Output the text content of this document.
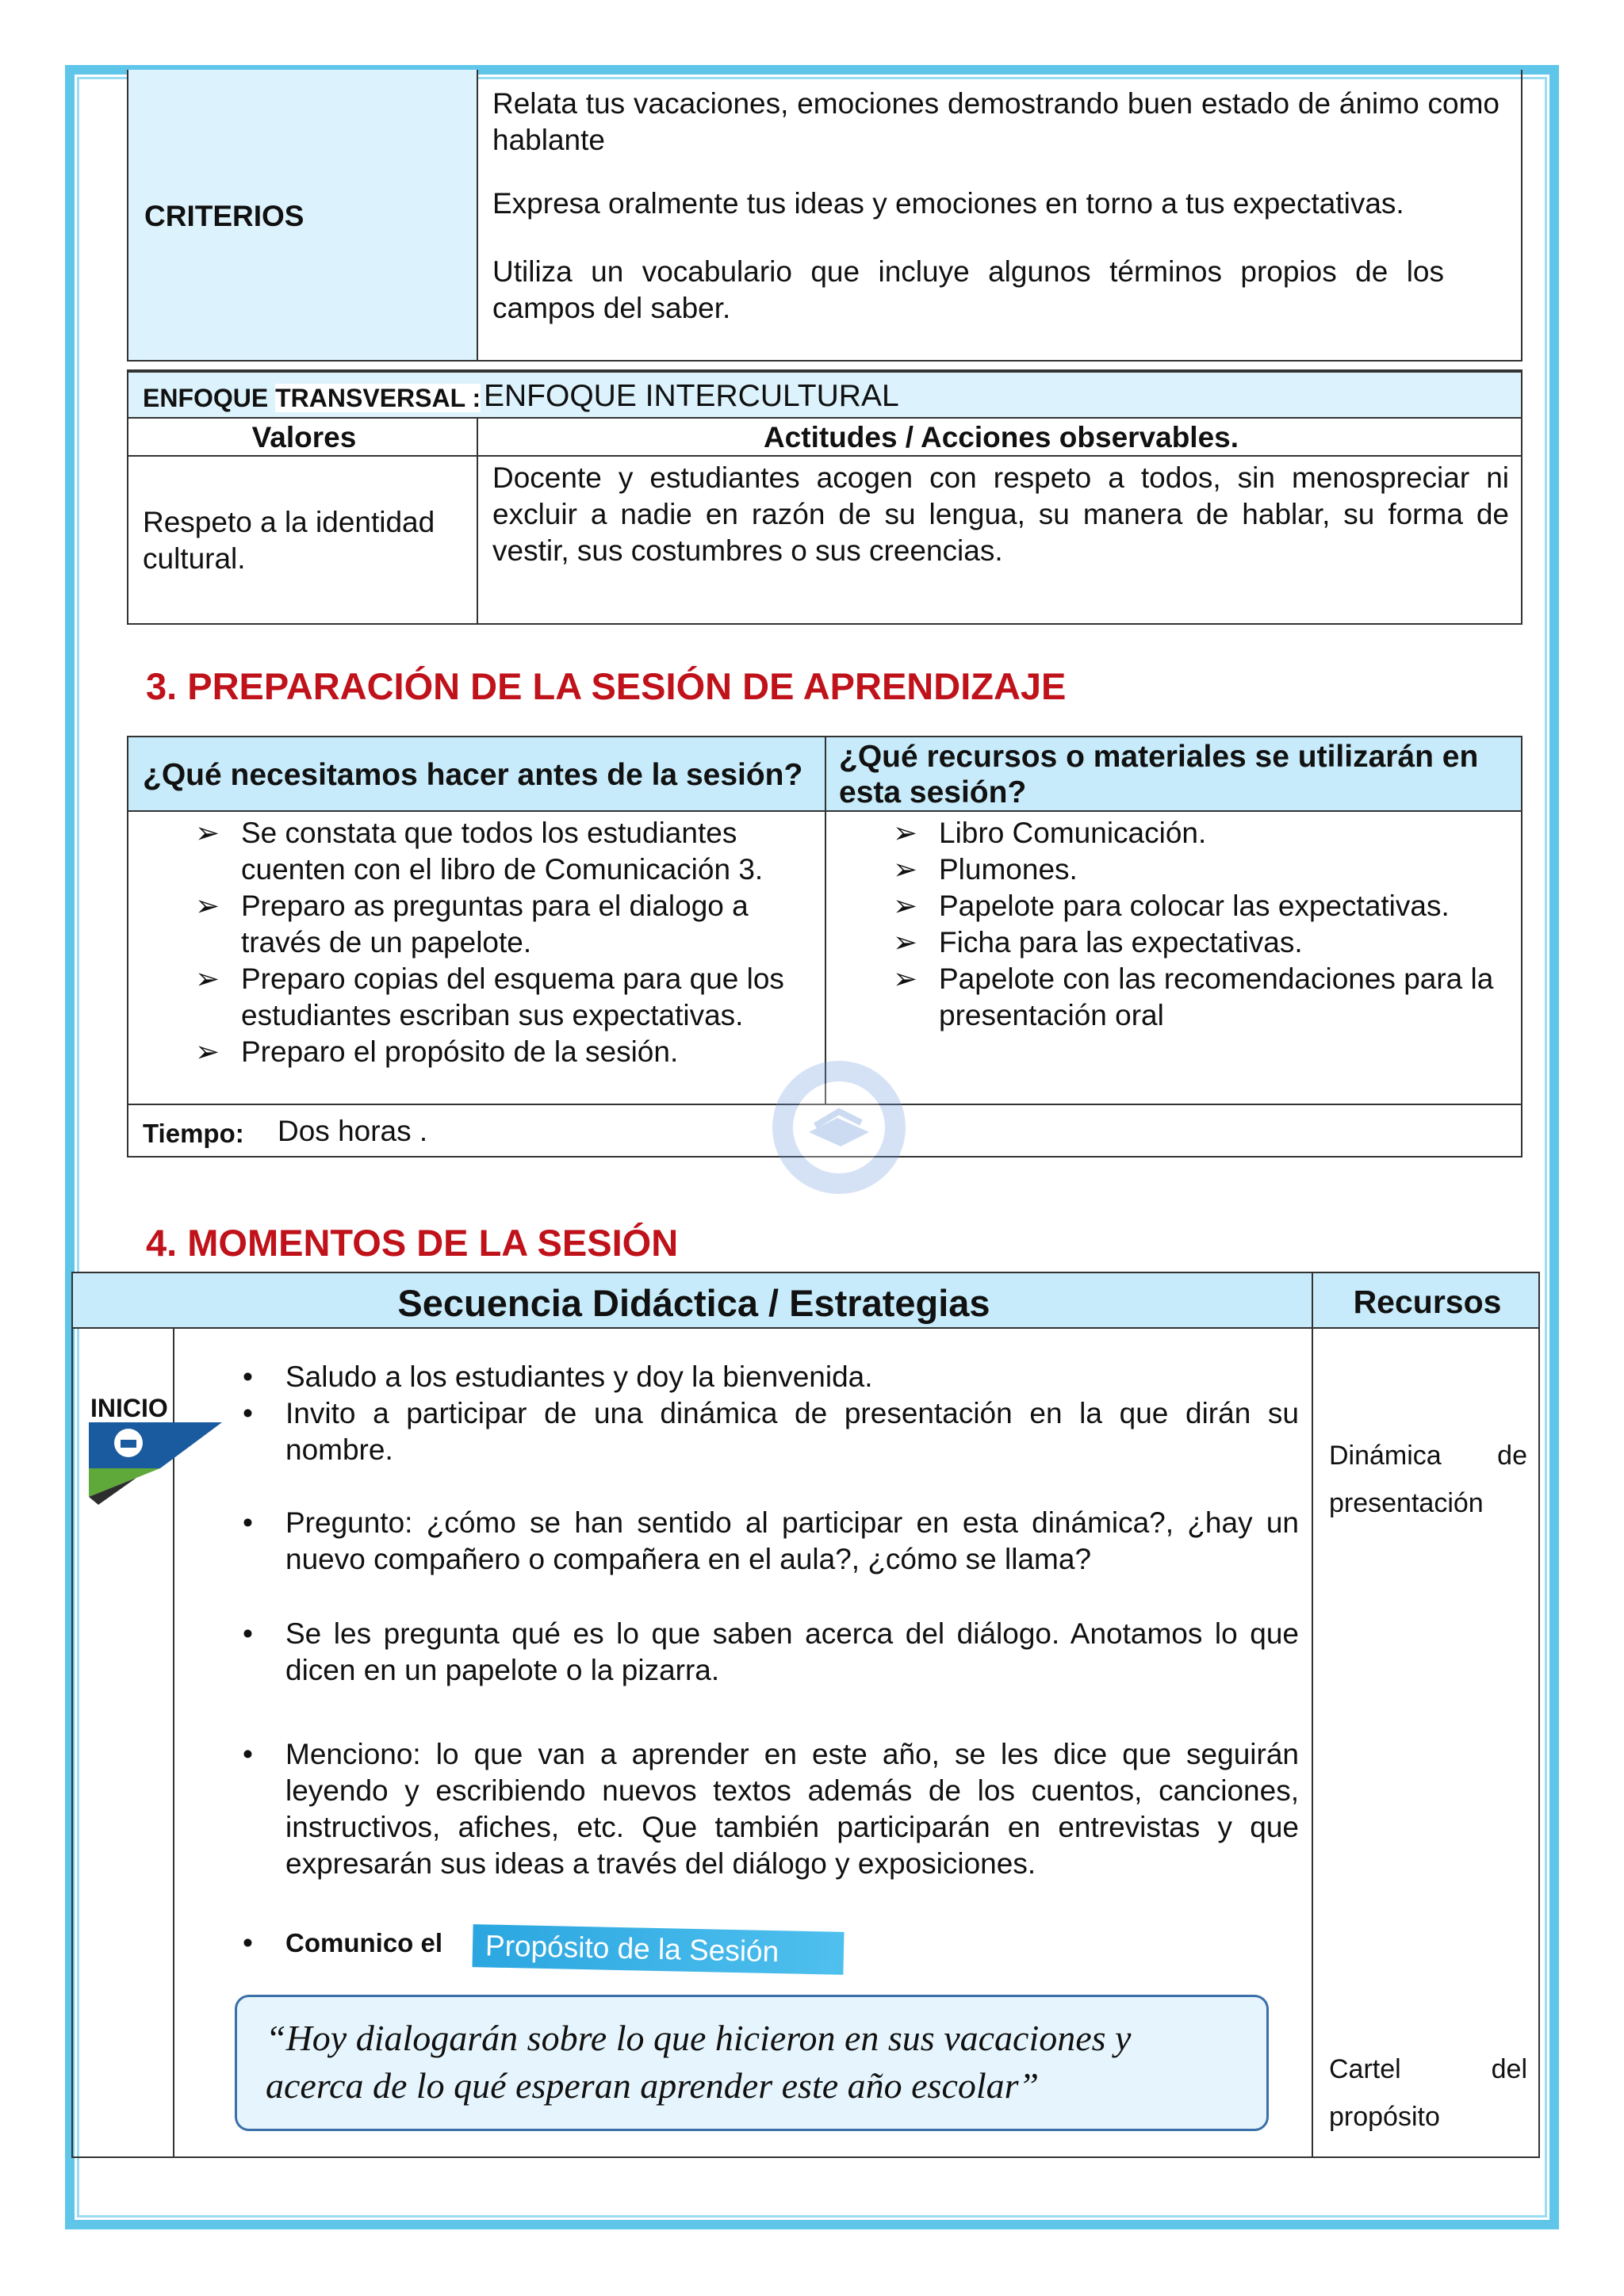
CRITERIOS
Relata tus vacaciones, emociones demostrando buen estado de ánimo como hablante
Expresa oralmente tus ideas y emociones en torno a tus expectativas.
Utiliza un vocabulario que incluye algunos términos propios de los campos del saber.
ENFOQUE TRANSVERSAL : ENFOQUE INTERCULTURAL
Valores	Actitudes / Acciones observables.
Respeto a la identidad cultural.
Docente y estudiantes acogen con respeto a todos, sin menospreciar ni excluir a nadie en razón de su lengua, su manera de hablar, su forma de vestir, sus costumbres o sus creencias.
3. PREPARACIÓN DE LA SESIÓN DE APRENDIZAJE
¿Qué necesitamos hacer antes de la sesión?
¿Qué recursos o materiales se utilizarán en esta sesión?
➢ Se constata que todos los estudiantes cuenten con el libro de Comunicación 3.
➢ Preparo as preguntas para el dialogo a través de un papelote.
➢ Preparo copias del esquema para que los estudiantes escriban sus expectativas.
➢ Preparo el propósito de la sesión.
➢ Libro Comunicación.
➢ Plumones.
➢ Papelote para colocar las expectativas.
➢ Ficha para las expectativas.
➢ Papelote con las recomendaciones para la presentación oral
Tiempo: Dos horas .
4. MOMENTOS DE LA SESIÓN
Secuencia Didáctica / Estrategias	Recursos
INICIO
• Saludo a los estudiantes y doy la bienvenida.
• Invito a participar de una dinámica de presentación en la que dirán su nombre.
• Pregunto: ¿cómo se han sentido al participar en esta dinámica?, ¿hay un nuevo compañero o compañera en el aula?, ¿cómo se llama?
• Se les pregunta qué es lo que saben acerca del diálogo. Anotamos lo que dicen en un papelote o la pizarra.
• Menciono: lo que van a aprender en este año, se les dice que seguirán leyendo y escribiendo nuevos textos además de los cuentos, canciones, instructivos, afiches, etc. Que también participarán en entrevistas y que expresarán sus ideas a través del diálogo y exposiciones.
• Comunico el Propósito de la Sesión
“Hoy dialogarán sobre lo que hicieron en sus vacaciones y acerca de lo qué esperan aprender este año escolar”
Dinámica de presentación
Cartel del propósito
